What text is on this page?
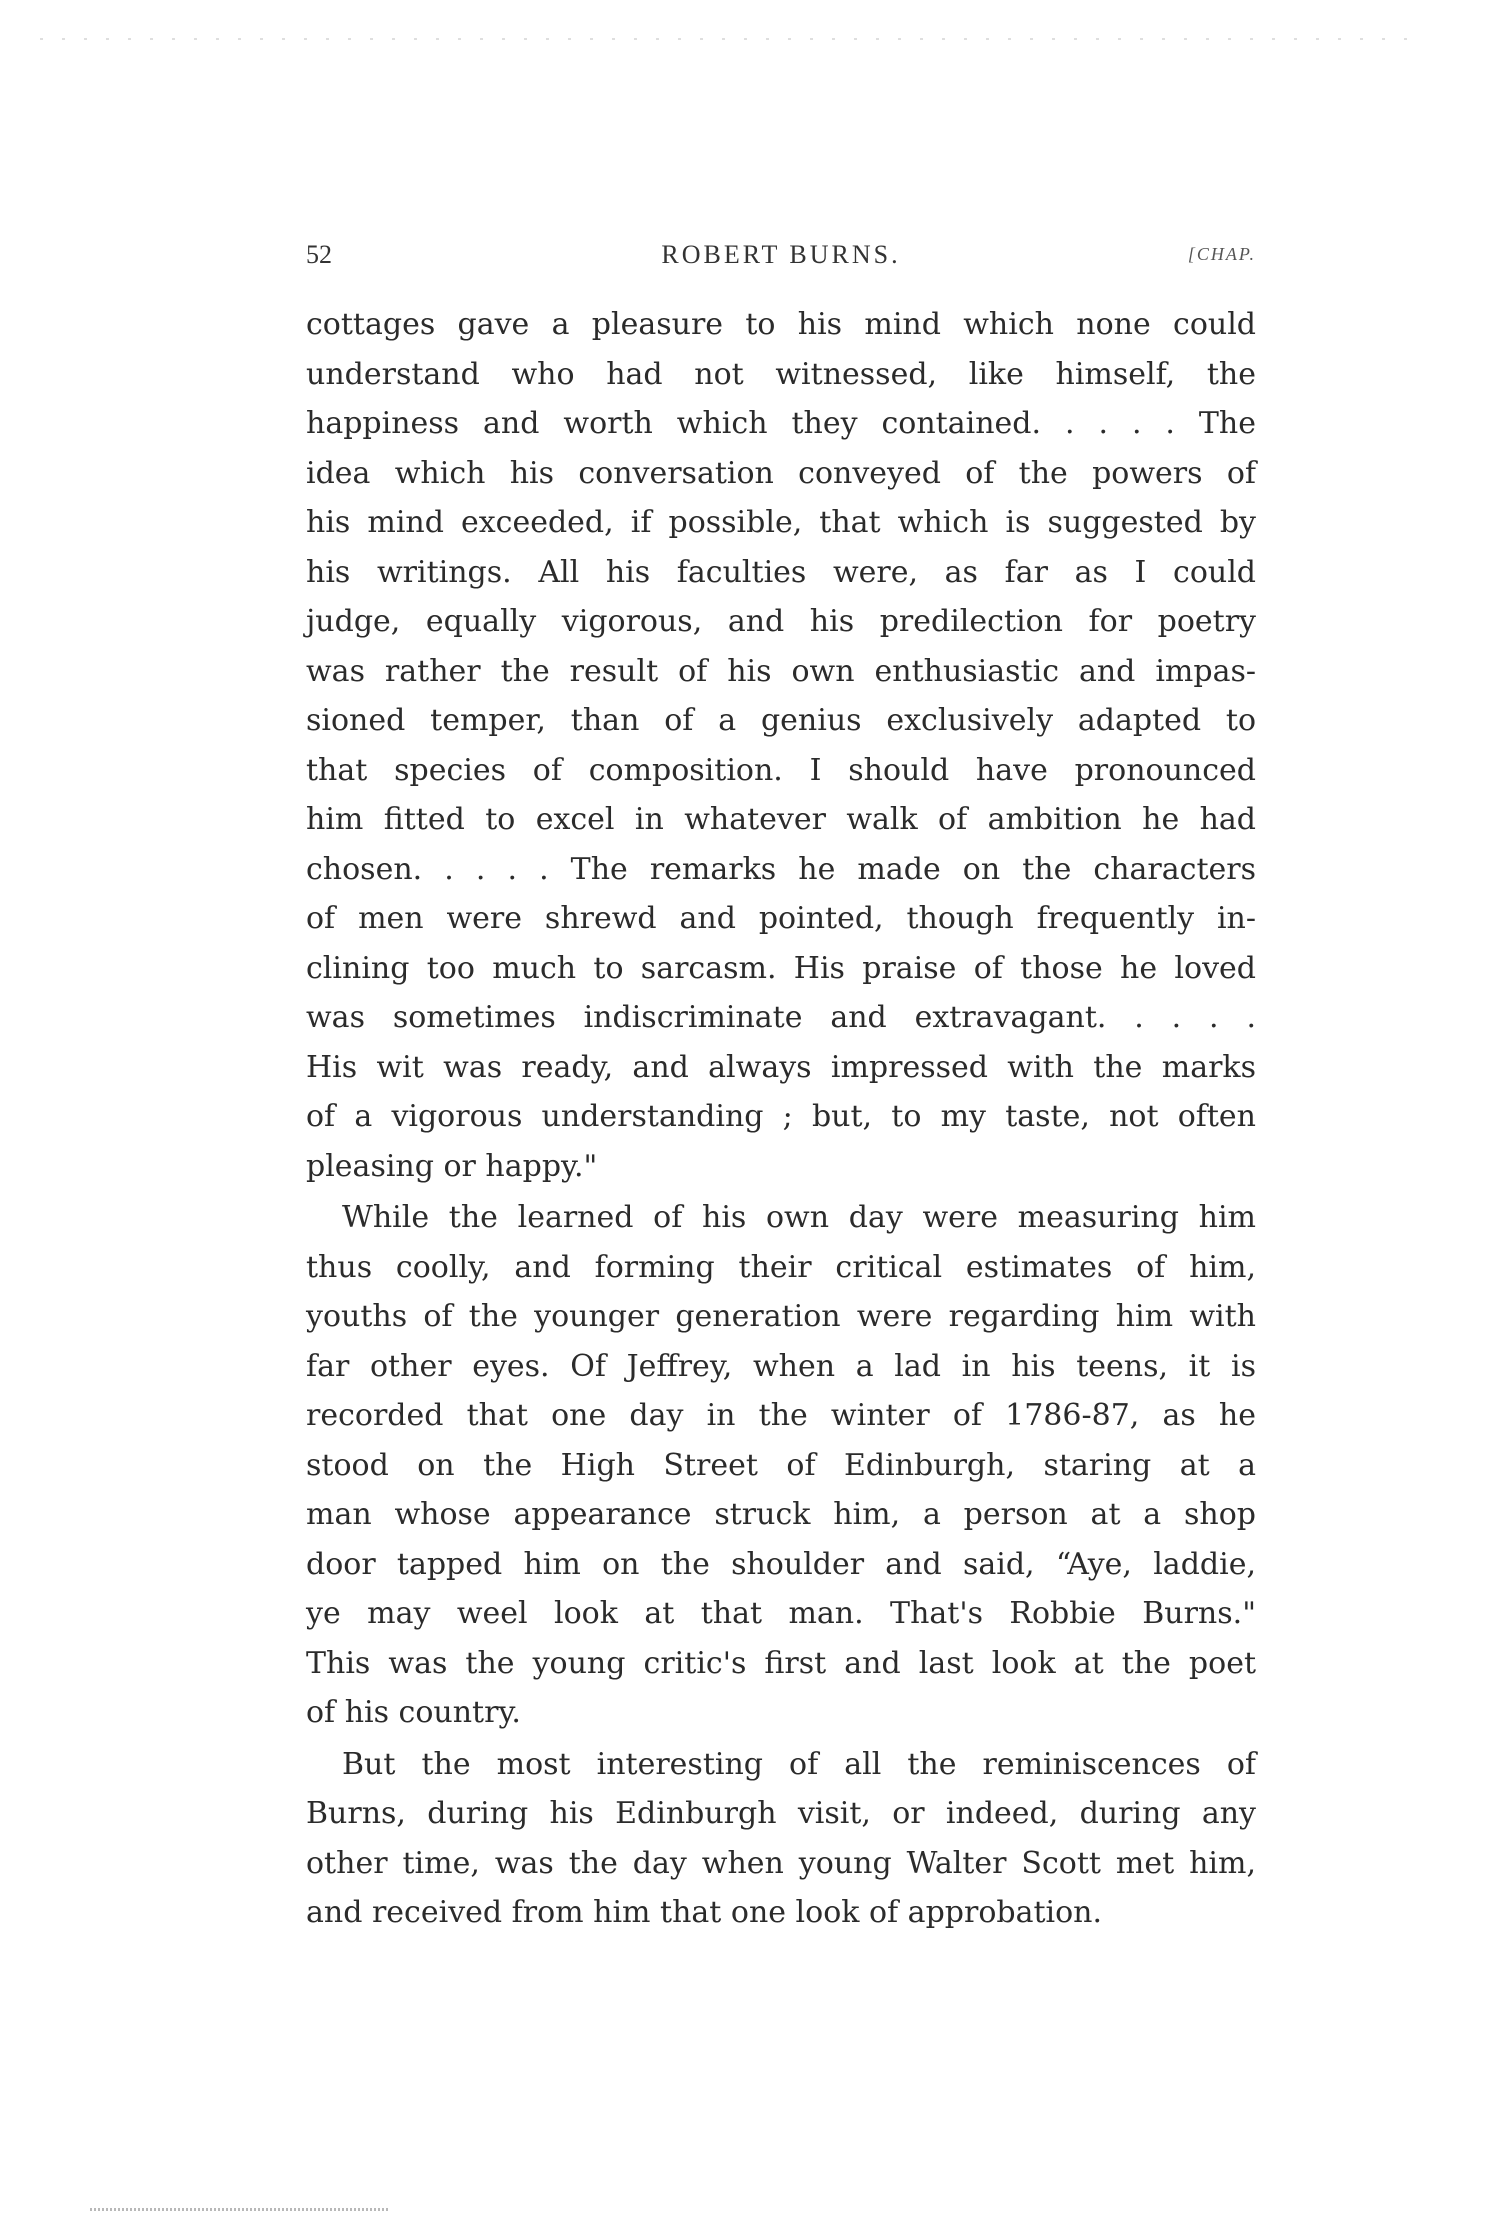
52	ROBERT BURNS.	[CHAP.

cottages gave a pleasure to his mind which none could
understand who had not witnessed, like himself, the
happiness and worth which they contained. . . . . The
idea which his conversation conveyed of the powers of
his mind exceeded, if possible, that which is suggested by
his writings. All his faculties were, as far as I could
judge, equally vigorous, and his predilection for poetry
was rather the result of his own enthusiastic and impas-
sioned temper, than of a genius exclusively adapted to
that species of composition. I should have pronounced
him fitted to excel in whatever walk of ambition he had
chosen. . . . . The remarks he made on the characters
of men were shrewd and pointed, though frequently in-
clining too much to sarcasm. His praise of those he loved
was sometimes indiscriminate and extravagant. . . . .
His wit was ready, and always impressed with the marks
of a vigorous understanding ; but, to my taste, not often
pleasing or happy."

While the learned of his own day were measuring him
thus coolly, and forming their critical estimates of him,
youths of the younger generation were regarding him with
far other eyes. Of Jeffrey, when a lad in his teens, it is
recorded that one day in the winter of 1786-87, as he
stood on the High Street of Edinburgh, staring at a
man whose appearance struck him, a person at a shop
door tapped him on the shoulder and said, “Aye, laddie,
ye may weel look at that man. That's Robbie Burns."
This was the young critic's first and last look at the poet
of his country.

But the most interesting of all the reminiscences of
Burns, during his Edinburgh visit, or indeed, during any
other time, was the day when young Walter Scott met him,
and received from him that one look of approbation.
